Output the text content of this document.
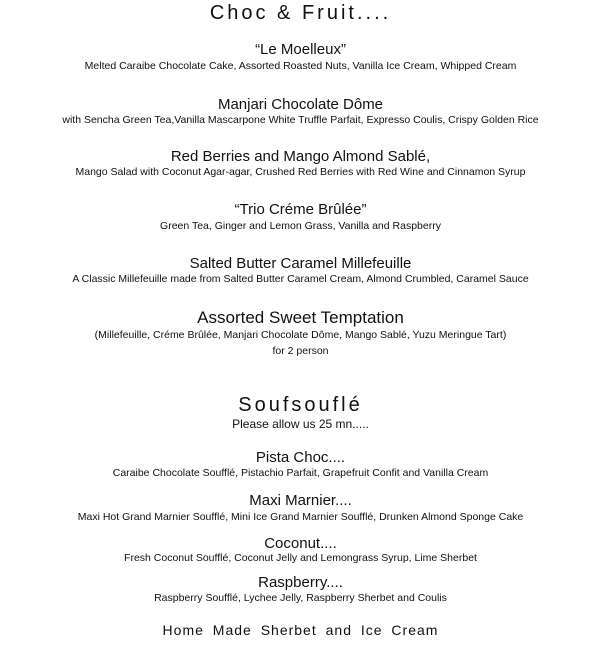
Choc & Fruit....
“Le Moelleux”
Melted Caraibe Chocolate Cake, Assorted Roasted Nuts, Vanilla Ice Cream, Whipped Cream
Manjari Chocolate Dôme
with Sencha Green Tea,Vanilla Mascarpone White Truffle Parfait, Expresso Coulis, Crispy Golden Rice
Red Berries and Mango Almond Sablé,
Mango Salad with Coconut Agar-agar, Crushed Red Berries with Red Wine and Cinnamon Syrup
“Trio Créme Brûlée”
Green Tea, Ginger and Lemon Grass, Vanilla and Raspberry
Salted Butter Caramel Millefeuille
A Classic Millefeuille made from Salted Butter Caramel Cream, Almond Crumbled, Caramel Sauce
Assorted Sweet Temptation
(Millefeuille, Créme Brûlée, Manjari Chocolate Dôme, Mango Sablé, Yuzu Meringue Tart)
for 2 person
Soufsouflé
Please allow us 25 mn.....
Pista Choc....
Caraibe Chocolate Soufflé, Pistachio Parfait, Grapefruit Confit and Vanilla Cream
Maxi Marnier....
Maxi Hot Grand Marnier Soufflé, Mini Ice Grand Marnier Soufflé, Drunken Almond Sponge Cake
Coconut....
Fresh Coconut Soufflé, Coconut Jelly and Lemongrass Syrup, Lime Sherbet
Raspberry....
Raspberry Soufflé, Lychee Jelly, Raspberry Sherbet and Coulis
Home Made Sherbet and Ice Cream
